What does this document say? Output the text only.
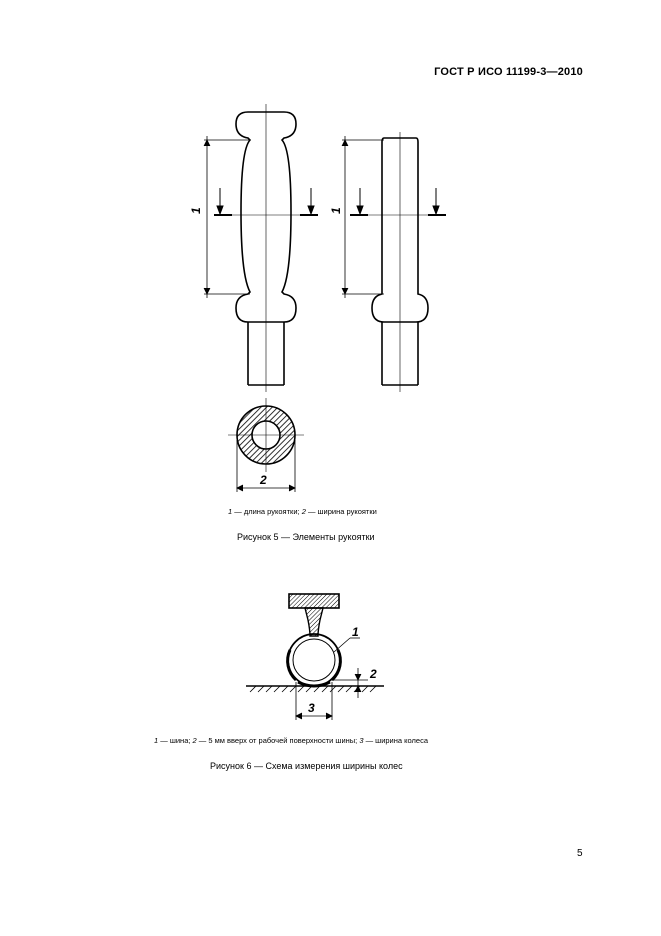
ГОСТ Р ИСО 11199-3—2010
1	1
2
1 — длина рукоятки; 2 — ширина рукоятки
Рисунок 5 — Элементы рукоятки
1
2
3
1 — шина; 2 — 5 мм вверх от рабочей поверхности шины; 3 — ширина колеса
Рисунок 6 — Схема измерения ширины колес
5
